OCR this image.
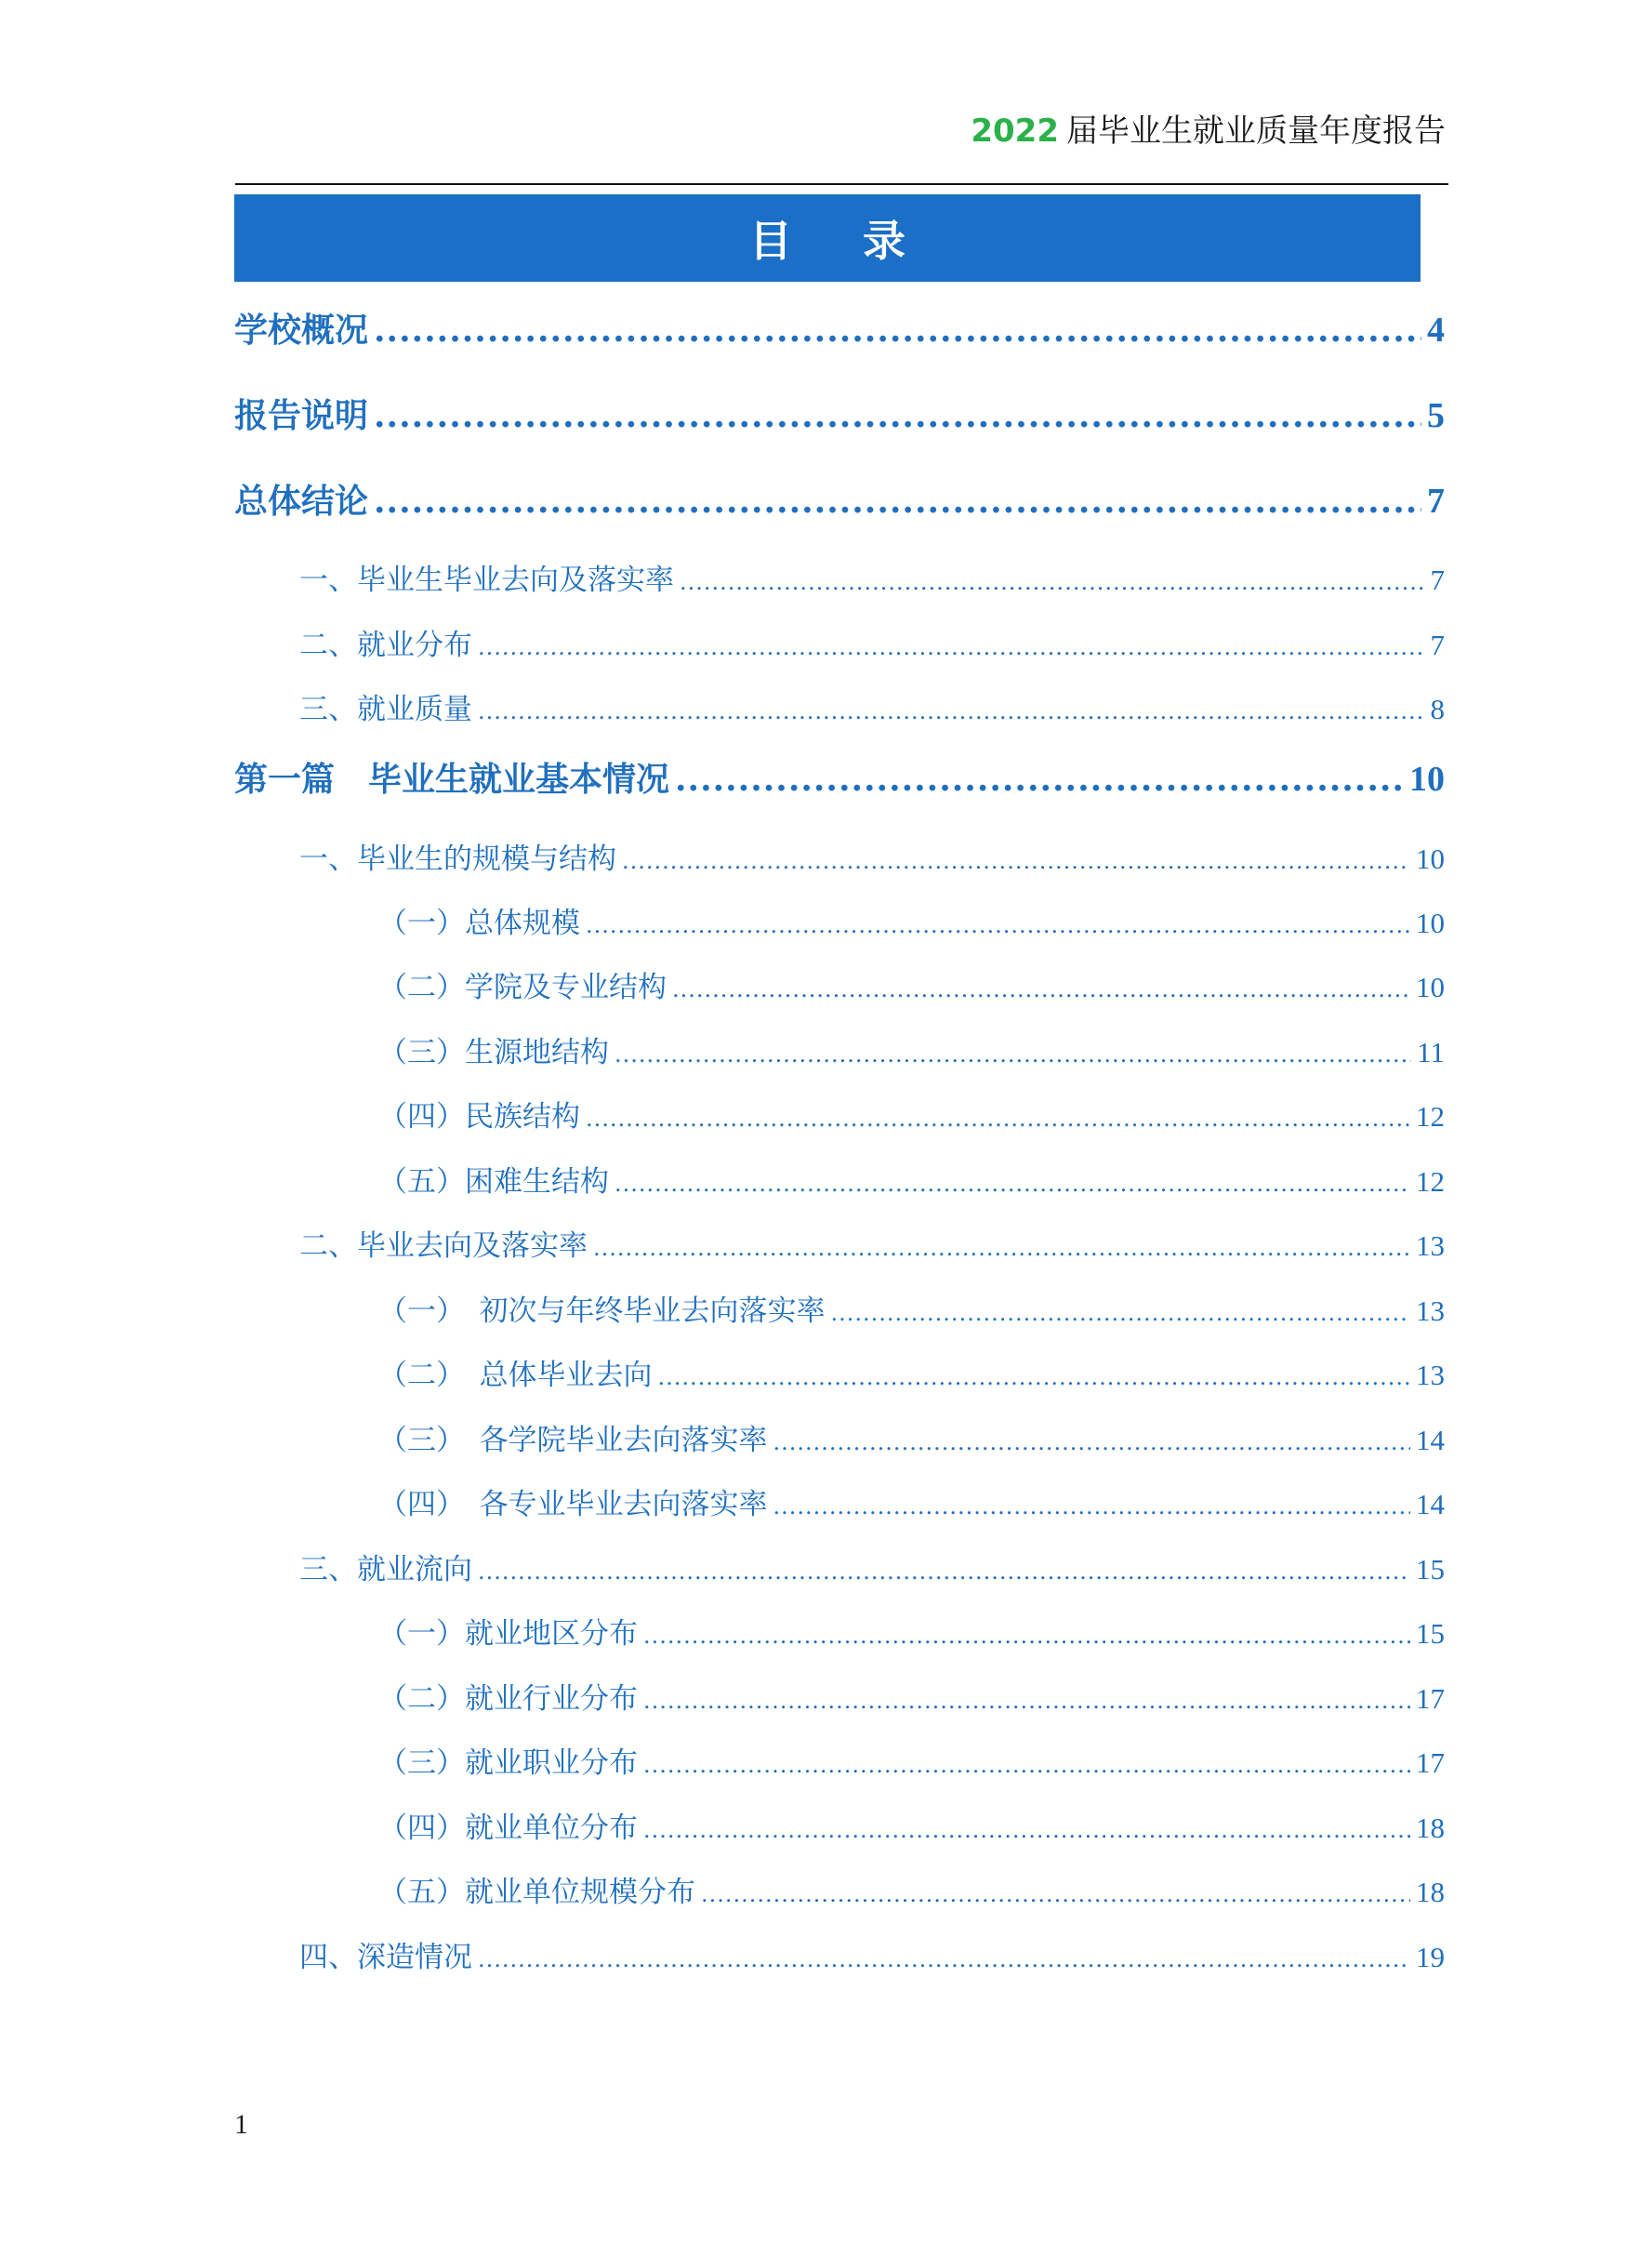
2022 届毕业生就业质量年度报告
目 录
学校概况 .....	4
报告说明 .....	5
总体结论 .....	7
一、毕业生毕业去向及落实率 .....	7
二、就业分布 .....	7
三、就业质量 .....	8
第一篇　毕业生就业基本情况 .....	10
一、毕业生的规模与结构 .....	10
（一）总体规模 .....	10
（二）学院及专业结构 .....	10
（三）生源地结构 .....	11
（四）民族结构 .....	12
（五）困难生结构 .....	12
二、毕业去向及落实率 .....	13
（一）　初次与年终毕业去向落实率 .....	13
（二）　总体毕业去向 .....	13
（三）　各学院毕业去向落实率 .....	14
（四）　各专业毕业去向落实率 .....	14
三、就业流向 .....	15
（一）就业地区分布 .....	15
（二）就业行业分布 .....	17
（三）就业职业分布 .....	17
（四）就业单位分布 .....	18
（五）就业单位规模分布 .....	18
四、深造情况 .....	19
1
